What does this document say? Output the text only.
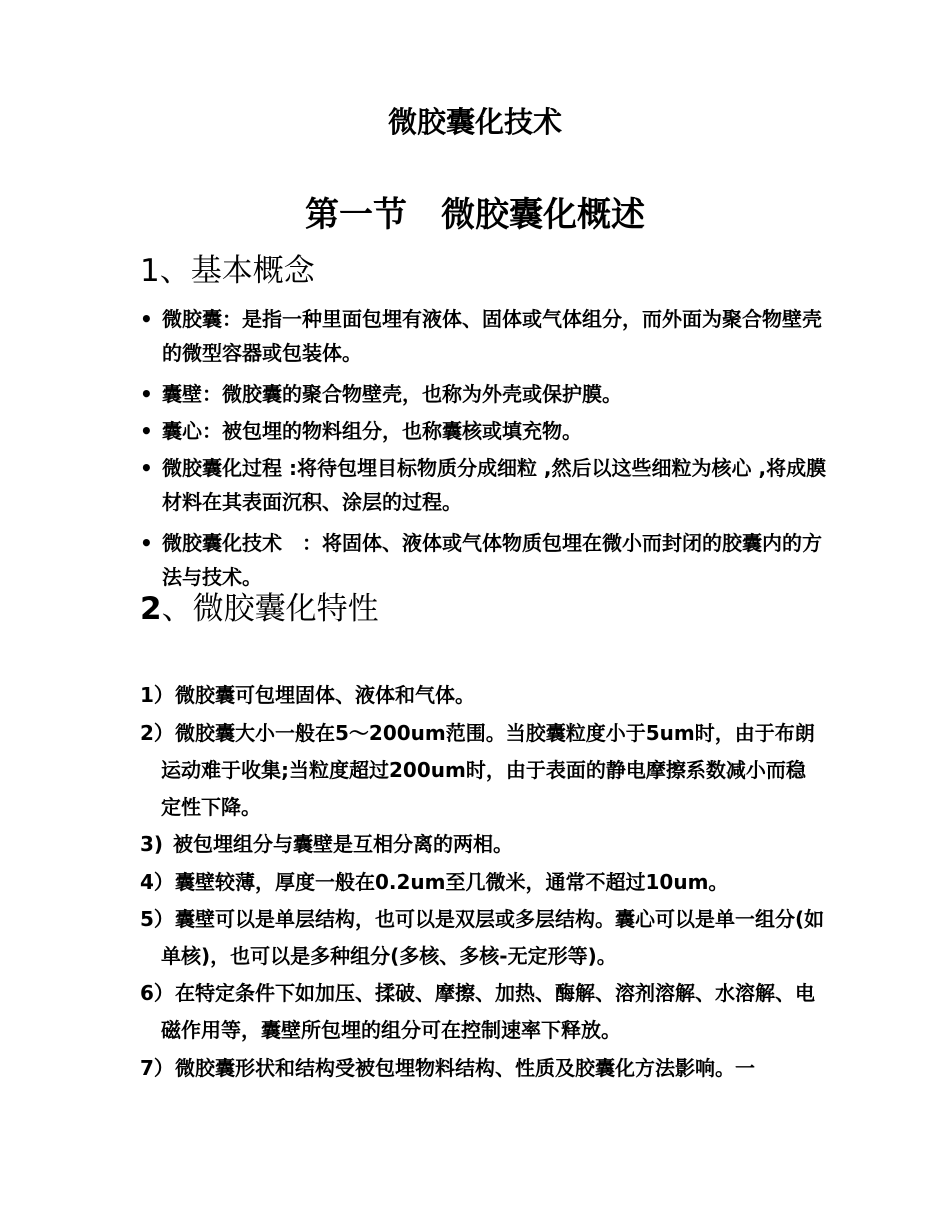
微胶囊化技术
第一节　微胶囊化概述
1、基本概念
• 微胶囊：是指一种里面包埋有液体、固体或气体组分，而外面为聚合物壁壳的微型容器或包装体。
• 囊壁：微胶囊的聚合物壁壳，也称为外壳或保护膜。
• 囊心：被包埋的物料组分，也称囊核或填充物。
• 微胶囊化过程 :将待包埋目标物质分成细粒 ,然后以这些细粒为核心 ,将成膜材料在其表面沉积、涂层的过程。
• 微胶囊化技术　：将固体、液体或气体物质包埋在微小而封闭的胶囊内的方法与技术。
2、微胶囊化特性
1） 微胶囊可包埋固体、液体和气体。
2） 微胶囊大小一般在5～200um范围。当胶囊粒度小于5um时，由于布朗运动难于收集;当粒度超过200um时，由于表面的静电摩擦系数减小而稳定性下降。
3) 被包埋组分与囊壁是互相分离的两相。
4） 囊壁较薄，厚度一般在0.2um至几微米，通常不超过10um。
5） 囊壁可以是单层结构，也可以是双层或多层结构。囊心可以是单一组分(如单核)，也可以是多种组分(多核、多核-无定形等)。
6） 在特定条件下如加压、揉破、摩擦、加热、酶解、溶剂溶解、水溶解、电磁作用等，囊壁所包埋的组分可在控制速率下释放。
7） 微胶囊形状和结构受被包埋物料结构、性质及胶囊化方法影响。一
